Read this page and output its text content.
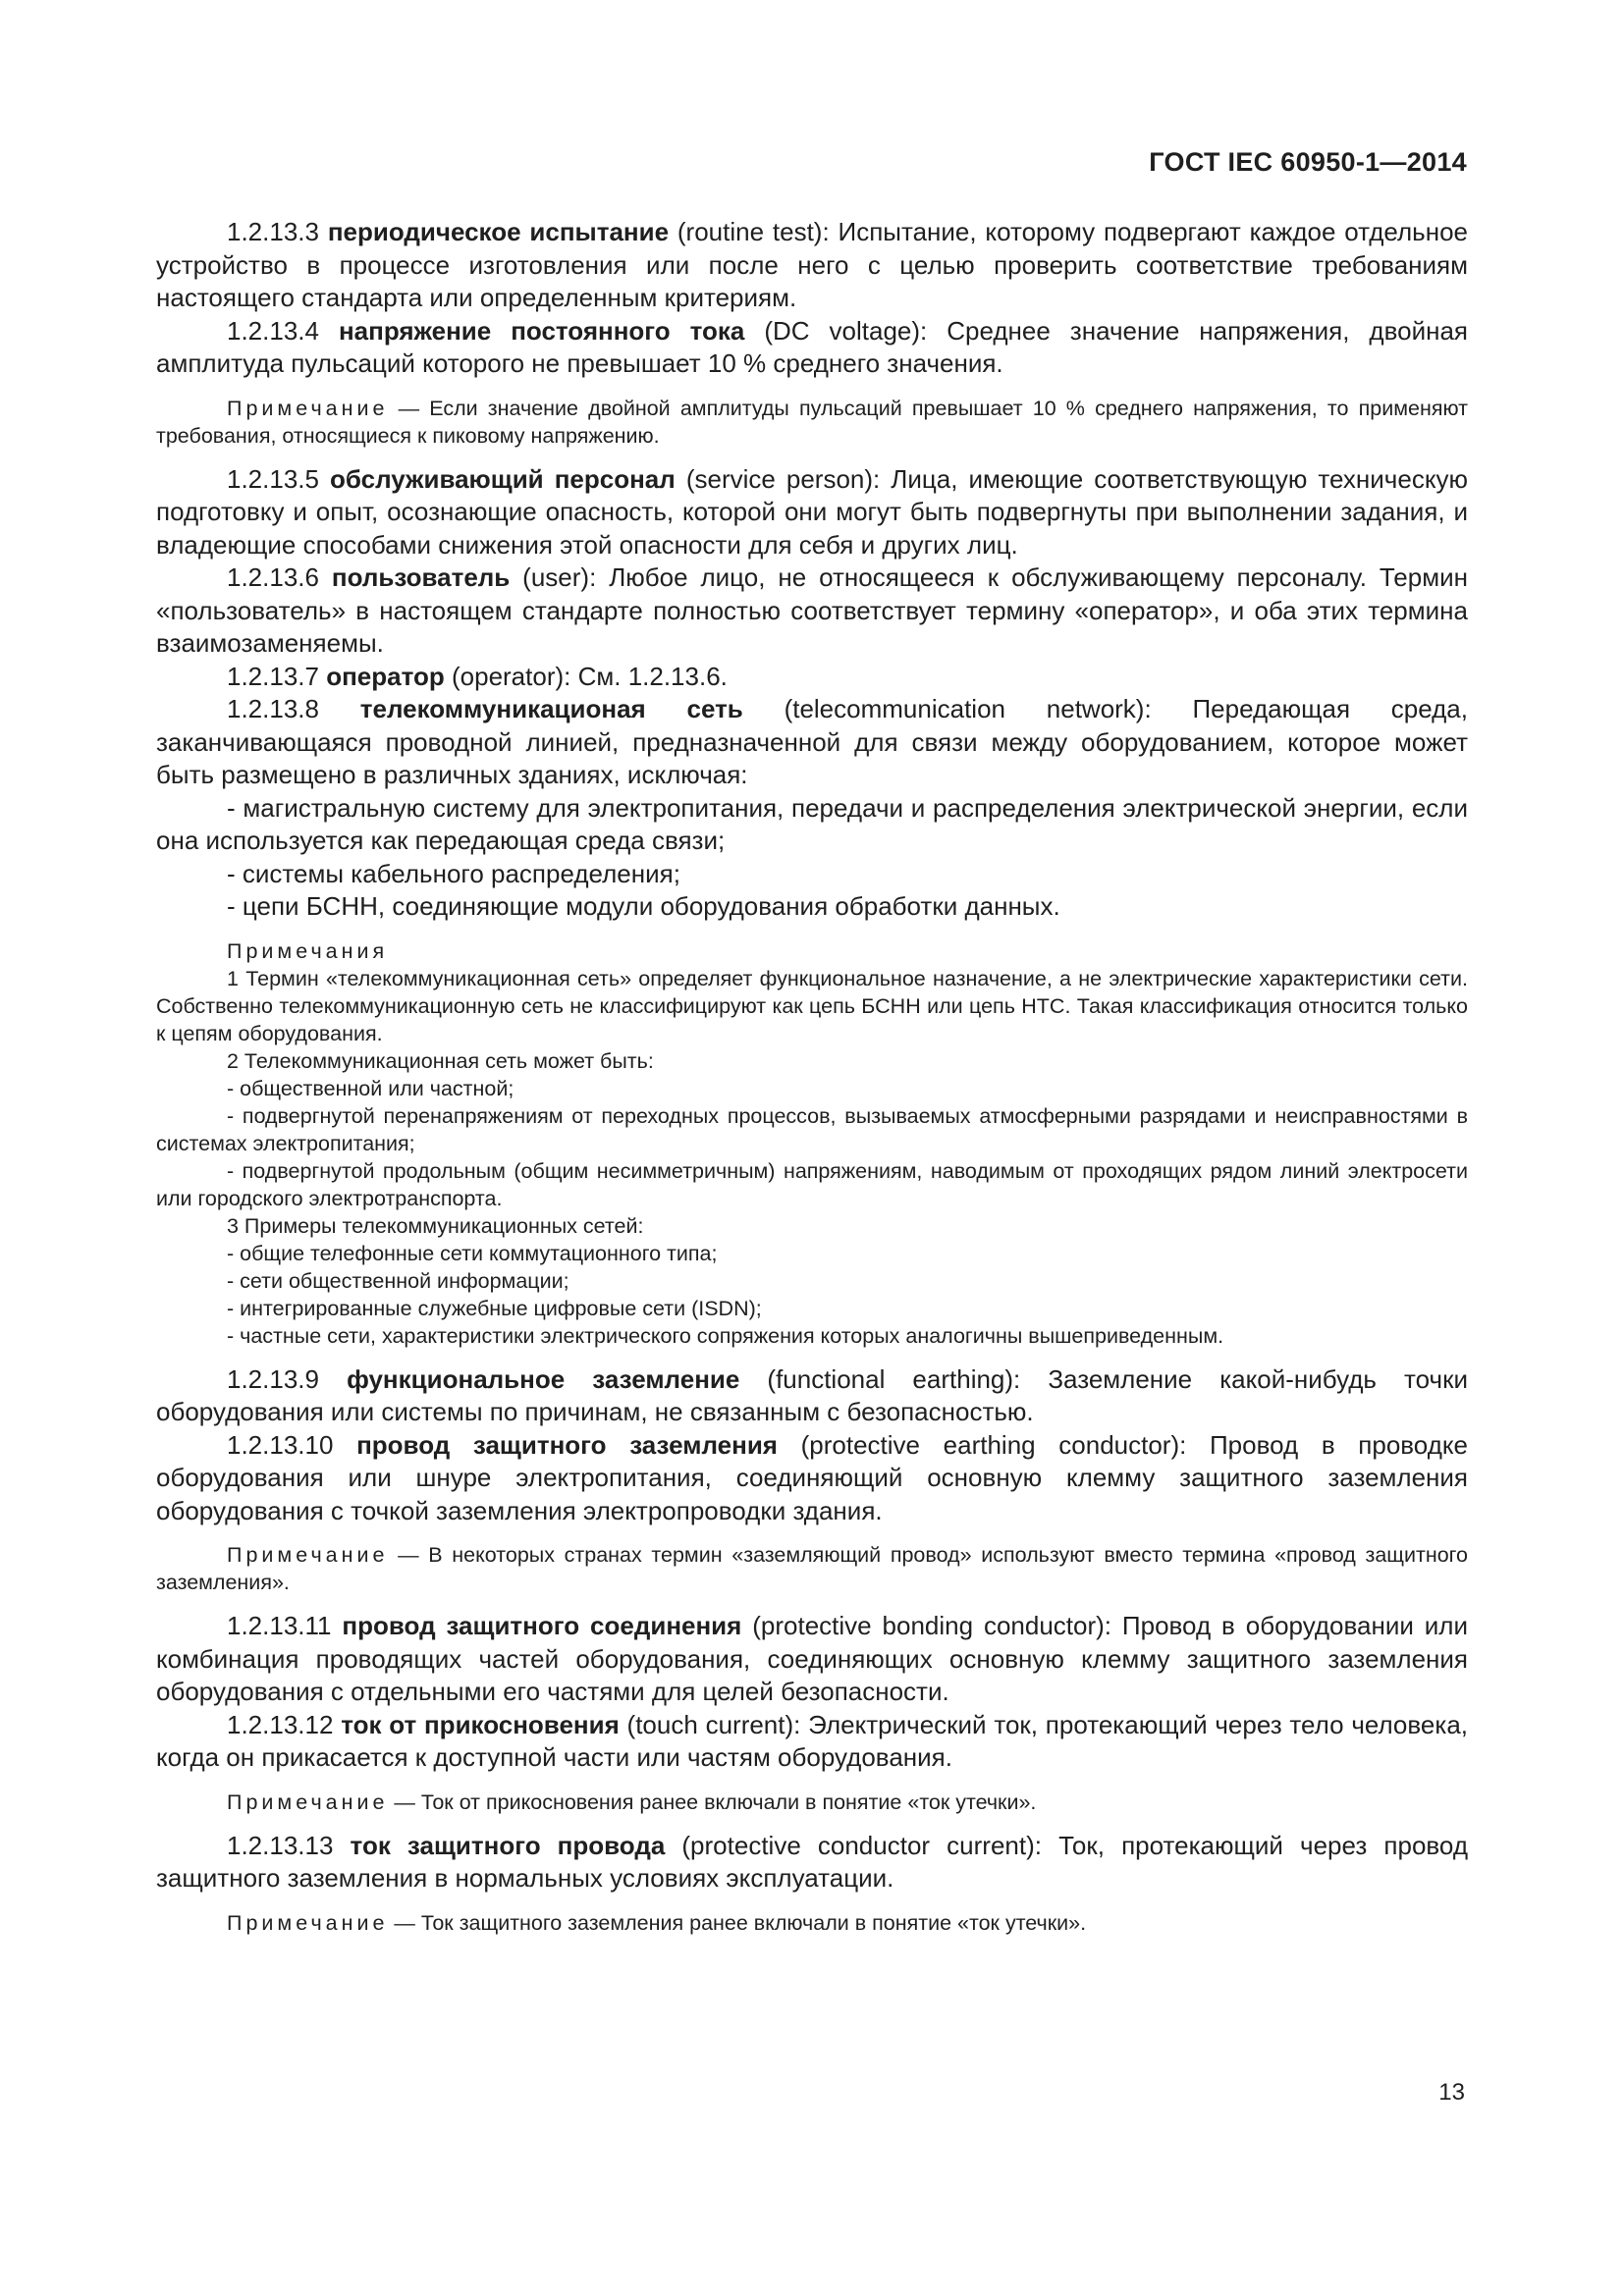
ГОСТ IEC 60950-1—2014

1.2.13.3 периодическое испытание (routine test): Испытание, которому подвергают каждое отдельное устройство в процессе изготовления или после него с целью проверить соответствие требованиям настоящего стандарта или определенным критериям.

1.2.13.4 напряжение постоянного тока (DC voltage): Среднее значение напряжения, двойная амплитуда пульсаций которого не превышает 10 % среднего значения.

Примечание — Если значение двойной амплитуды пульсаций превышает 10 % среднего напряжения, то применяют требования, относящиеся к пиковому напряжению.

1.2.13.5 обслуживающий персонал (service person): Лица, имеющие соответствующую техническую подготовку и опыт, осознающие опасность, которой они могут быть подвергнуты при выполнении задания, и владеющие способами снижения этой опасности для себя и других лиц.

1.2.13.6 пользователь (user): Любое лицо, не относящееся к обслуживающему персоналу. Термин «пользователь» в настоящем стандарте полностью соответствует термину «оператор», и оба этих термина взаимозаменяемы.

1.2.13.7 оператор (operator): См. 1.2.13.6.

1.2.13.8 телекоммуникационая сеть (telecommunication network): Передающая среда, заканчивающаяся проводной линией, предназначенной для связи между оборудованием, которое может быть размещено в различных зданиях, исключая:

- магистральную систему для электропитания, передачи и распределения электрической энергии, если она используется как передающая среда связи;

- системы кабельного распределения;

- цепи БСНН, соединяющие модули оборудования обработки данных.

Примечания

1 Термин «телекоммуникационная сеть» определяет функциональное назначение, а не электрические характеристики сети. Собственно телекоммуникационную сеть не классифицируют как цепь БСНН или цепь НТС. Такая классификация относится только к цепям оборудования.

2 Телекоммуникационная сеть может быть:

- общественной или частной;

- подвергнутой перенапряжениям от переходных процессов, вызываемых атмосферными разрядами и неисправностями в системах электропитания;

- подвергнутой продольным (общим несимметричным) напряжениям, наводимым от проходящих рядом линий электросети или городского электротранспорта.

3 Примеры телекоммуникационных сетей:

- общие телефонные сети коммутационного типа;

- сети общественной информации;

- интегрированные служебные цифровые сети (ISDN);

- частные сети, характеристики электрического сопряжения которых аналогичны вышеприведенным.

1.2.13.9 функциональное заземление (functional earthing): Заземление какой-нибудь точки оборудования или системы по причинам, не связанным с безопасностью.

1.2.13.10 провод защитного заземления (protective earthing conductor): Провод в проводке оборудования или шнуре электропитания, соединяющий основную клемму защитного заземления оборудования с точкой заземления электропроводки здания.

Примечание — В некоторых странах термин «заземляющий провод» используют вместо термина «провод защитного заземления».

1.2.13.11 провод защитного соединения (protective bonding conductor): Провод в оборудовании или комбинация проводящих частей оборудования, соединяющих основную клемму защитного заземления оборудования с отдельными его частями для целей безопасности.

1.2.13.12 ток от прикосновения (touch current): Электрический ток, протекающий через тело человека, когда он прикасается к доступной части или частям оборудования.

Примечание — Ток от прикосновения ранее включали в понятие «ток утечки».

1.2.13.13 ток защитного провода (protective conductor current): Ток, протекающий через провод защитного заземления в нормальных условиях эксплуатации.

Примечание — Ток защитного заземления ранее включали в понятие «ток утечки».

13
